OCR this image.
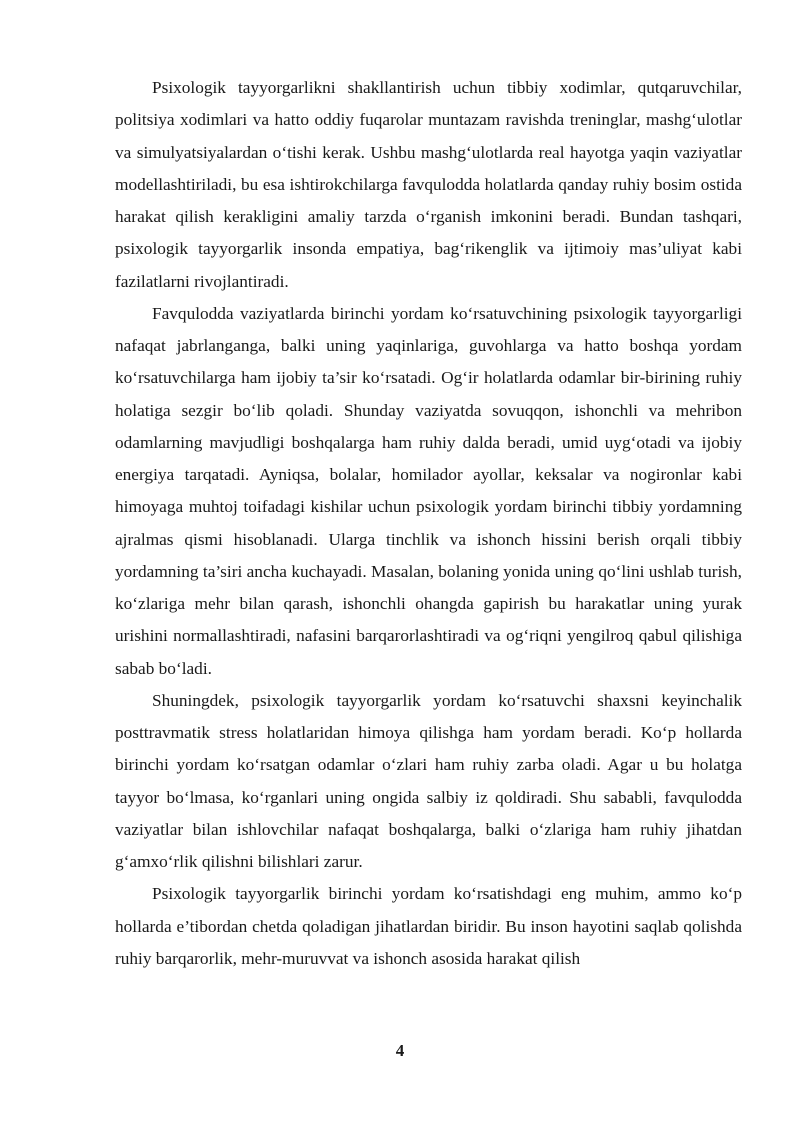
Psixologik tayyorgarlikni shakllantirish uchun tibbiy xodimlar, qutqaruvchilar, politsiya xodimlari va hatto oddiy fuqarolar muntazam ravishda treninglar, mashg‘ulotlar va simulyatsiyalardan o‘tishi kerak. Ushbu mashg‘ulotlarda real hayotga yaqin vaziyatlar modellashtiriladi, bu esa ishtirokchilarga favqulodda holatlarda qanday ruhiy bosim ostida harakat qilish kerakligini amaliy tarzda o‘rganish imkonini beradi. Bundan tashqari, psixologik tayyorgarlik insonda empatiya, bag‘rikenglik va ijtimoiy mas’uliyat kabi fazilatlarni rivojlantiradi.

Favqulodda vaziyatlarda birinchi yordam ko‘rsatuvchining psixologik tayyorgarligi nafaqat jabrlanganga, balki uning yaqinlariga, guvohlarga va hatto boshqa yordam ko‘rsatuvchilarga ham ijobiy ta’sir ko‘rsatadi. Og‘ir holatlarda odamlar bir-birining ruhiy holatiga sezgir bo‘lib qoladi. Shunday vaziyatda sovuqqon, ishonchli va mehribon odamlarning mavjudligi boshqalarga ham ruhiy dalda beradi, umid uyg‘otadi va ijobiy energiya tarqatadi. Ayniqsa, bolalar, homilador ayollar, keksalar va nogironlar kabi himoyaga muhtoj toifadagi kishilar uchun psixologik yordam birinchi tibbiy yordamning ajralmas qismi hisoblanadi. Ularga tinchlik va ishonch hissini berish orqali tibbiy yordamning ta’siri ancha kuchayadi. Masalan, bolaning yonida uning qo‘lini ushlab turish, ko‘zlariga mehr bilan qarash, ishonchli ohangda gapirish bu harakatlar uning yurak urishini normallashtiradi, nafasini barqarorlashtiradi va og‘riqni yengilroq qabul qilishiga sabab bo‘ladi.

Shuningdek, psixologik tayyorgarlik yordam ko‘rsatuvchi shaxsni keyinchalik posttravmatik stress holatlaridan himoya qilishga ham yordam beradi. Ko‘p hollarda birinchi yordam ko‘rsatgan odamlar o‘zlari ham ruhiy zarba oladi. Agar u bu holatga tayyor bo‘lmasa, ko‘rganlari uning ongida salbiy iz qoldiradi. Shu sababli, favqulodda vaziyatlar bilan ishlovchilar nafaqat boshqalarga, balki o‘zlariga ham ruhiy jihatdan g‘amxo‘rlik qilishni bilishlari zarur.

Psixologik tayyorgarlik birinchi yordam ko‘rsatishdagi eng muhim, ammo ko‘p hollarda e’tibordan chetda qoladigan jihatlardan biridir. Bu inson hayotini saqlab qolishda ruhiy barqarorlik, mehr-muruvvat va ishonch asosida harakat qilish

4
